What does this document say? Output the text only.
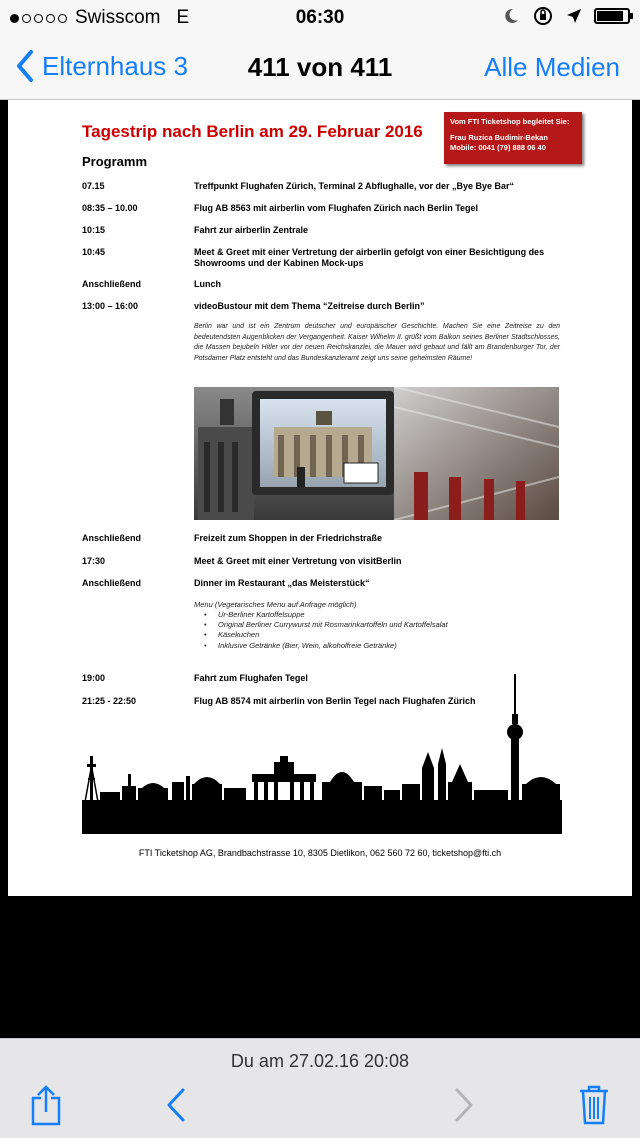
Swisscom E	06:30
Elternhaus 3	411 von 411	Alle Medien
Tagestrip nach Berlin am 29. Februar 2016
Vom FTI Ticketshop begleitet Sie:
Frau Ruzica Budimir-Bekan
Mobile: 0041 (79) 888 06 40
Programm
07.15	Treffpunkt Flughafen Zürich, Terminal 2 Abflughalle, vor der „Bye Bye Bar“
08:35 – 10.00	Flug AB 8563 mit airberlin vom Flughafen Zürich nach Berlin Tegel
10:15	Fahrt zur airberlin Zentrale
10:45	Meet & Greet mit einer Vertretung der airberlin gefolgt von einer Besichtigung des Showrooms und der Kabinen Mock-ups
Anschließend	Lunch
13:00 – 16:00	videoBustour mit dem Thema “Zeitreise durch Berlin”
Berlin war und ist ein Zentrum deutscher und europäischer Geschichte. Machen Sie eine Zeitreise zu den bedeutendsten Augenblicken der Vergangenheit. Kaiser Wilhelm II. grüßt vom Balkon seines Berliner Stadtschlosses, die Massen bejubeln Hitler vor der neuen Reichskanzlei, die Mauer wird gebaut und fällt am Brandenburger Tor, der Potsdamer Platz entsteht und das Bundeskanzleramt zeigt uns seine geheimsten Räume!
Anschließend	Freizeit zum Shoppen in der Friedrichstraße
17:30	Meet & Greet mit einer Vertretung von visitBerlin
Anschließend	Dinner im Restaurant „das Meisterstück“
Menu (Vegetarisches Menu auf Anfrage möglich)
• Ur-Berliner Kartoffelsuppe
• Original Berliner Currywurst mit Rosmarinkartoffeln und Kartoffelsalat
• Käsekuchen
• Inklusive Getränke (Bier, Wein, alkoholfreie Getränke)
19:00	Fahrt zum Flughafen Tegel
21:25 - 22:50	Flug AB 8574 mit airberlin von Berlin Tegel nach Flughafen Zürich
FTI Ticketshop AG, Brandbachstrasse 10, 8305 Dietlikon, 062 560 72 60, ticketshop@fti.ch
Du am 27.02.16 20:08
